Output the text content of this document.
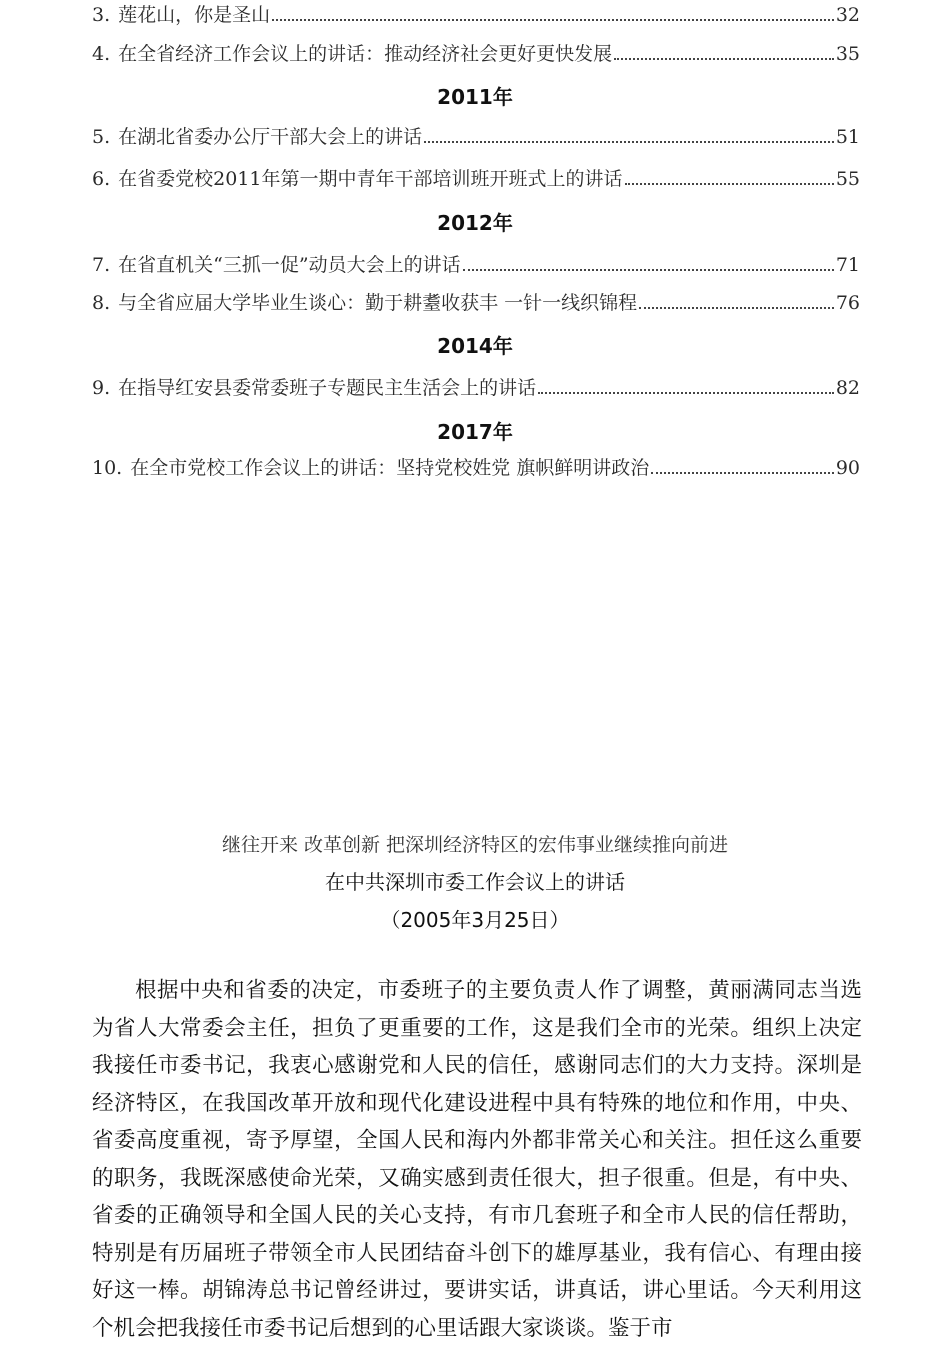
3. 莲花山，你是圣山	32
4. 在全省经济工作会议上的讲话：推动经济社会更好更快发展	35
2011年
5. 在湖北省委办公厅干部大会上的讲话	51
6. 在省委党校2011年第一期中青年干部培训班开班式上的讲话	55
2012年
7. 在省直机关“三抓一促”动员大会上的讲话	71
8. 与全省应届大学毕业生谈心：勤于耕耋收获丰 一针一线织锦程	76
2014年
9. 在指导红安县委常委班子专题民主生活会上的讲话	82
2017年
10. 在全市党校工作会议上的讲话：坚持党校姓党 旗帜鲜明讲政治	90
继往开来 改革创新 把深圳经济特区的宏伟事业继续推向前进
在中共深圳市委工作会议上的讲话
（2005年3月25日）

根据中央和省委的决定，市委班子的主要负责人作了调整，黄丽满同志当选为省人大常委会主任，担负了更重要的工作，这是我们全市的光荣。组织上决定我接任市委书记，我衷心感谢党和人民的信任，感谢同志们的大力支持。深圳是经济特区，在我国改革开放和现代化建设进程中具有特殊的地位和作用，中央、省委高度重视，寄予厚望，全国人民和海内外都非常关心和关注。担任这么重要的职务，我既深感使命光荣，又确实感到责任很大，担子很重。但是，有中央、省委的正确领导和全国人民的关心支持，有市几套班子和全市人民的信任帮助，特别是有历届班子带领全市人民团结奋斗创下的雄厚基业，我有信心、有理由接好这一棒。胡锦涛总书记曾经讲过，要讲实话，讲真话，讲心里话。今天利用这个机会把我接任市委书记后想到的心里话跟大家谈谈。鉴于市
